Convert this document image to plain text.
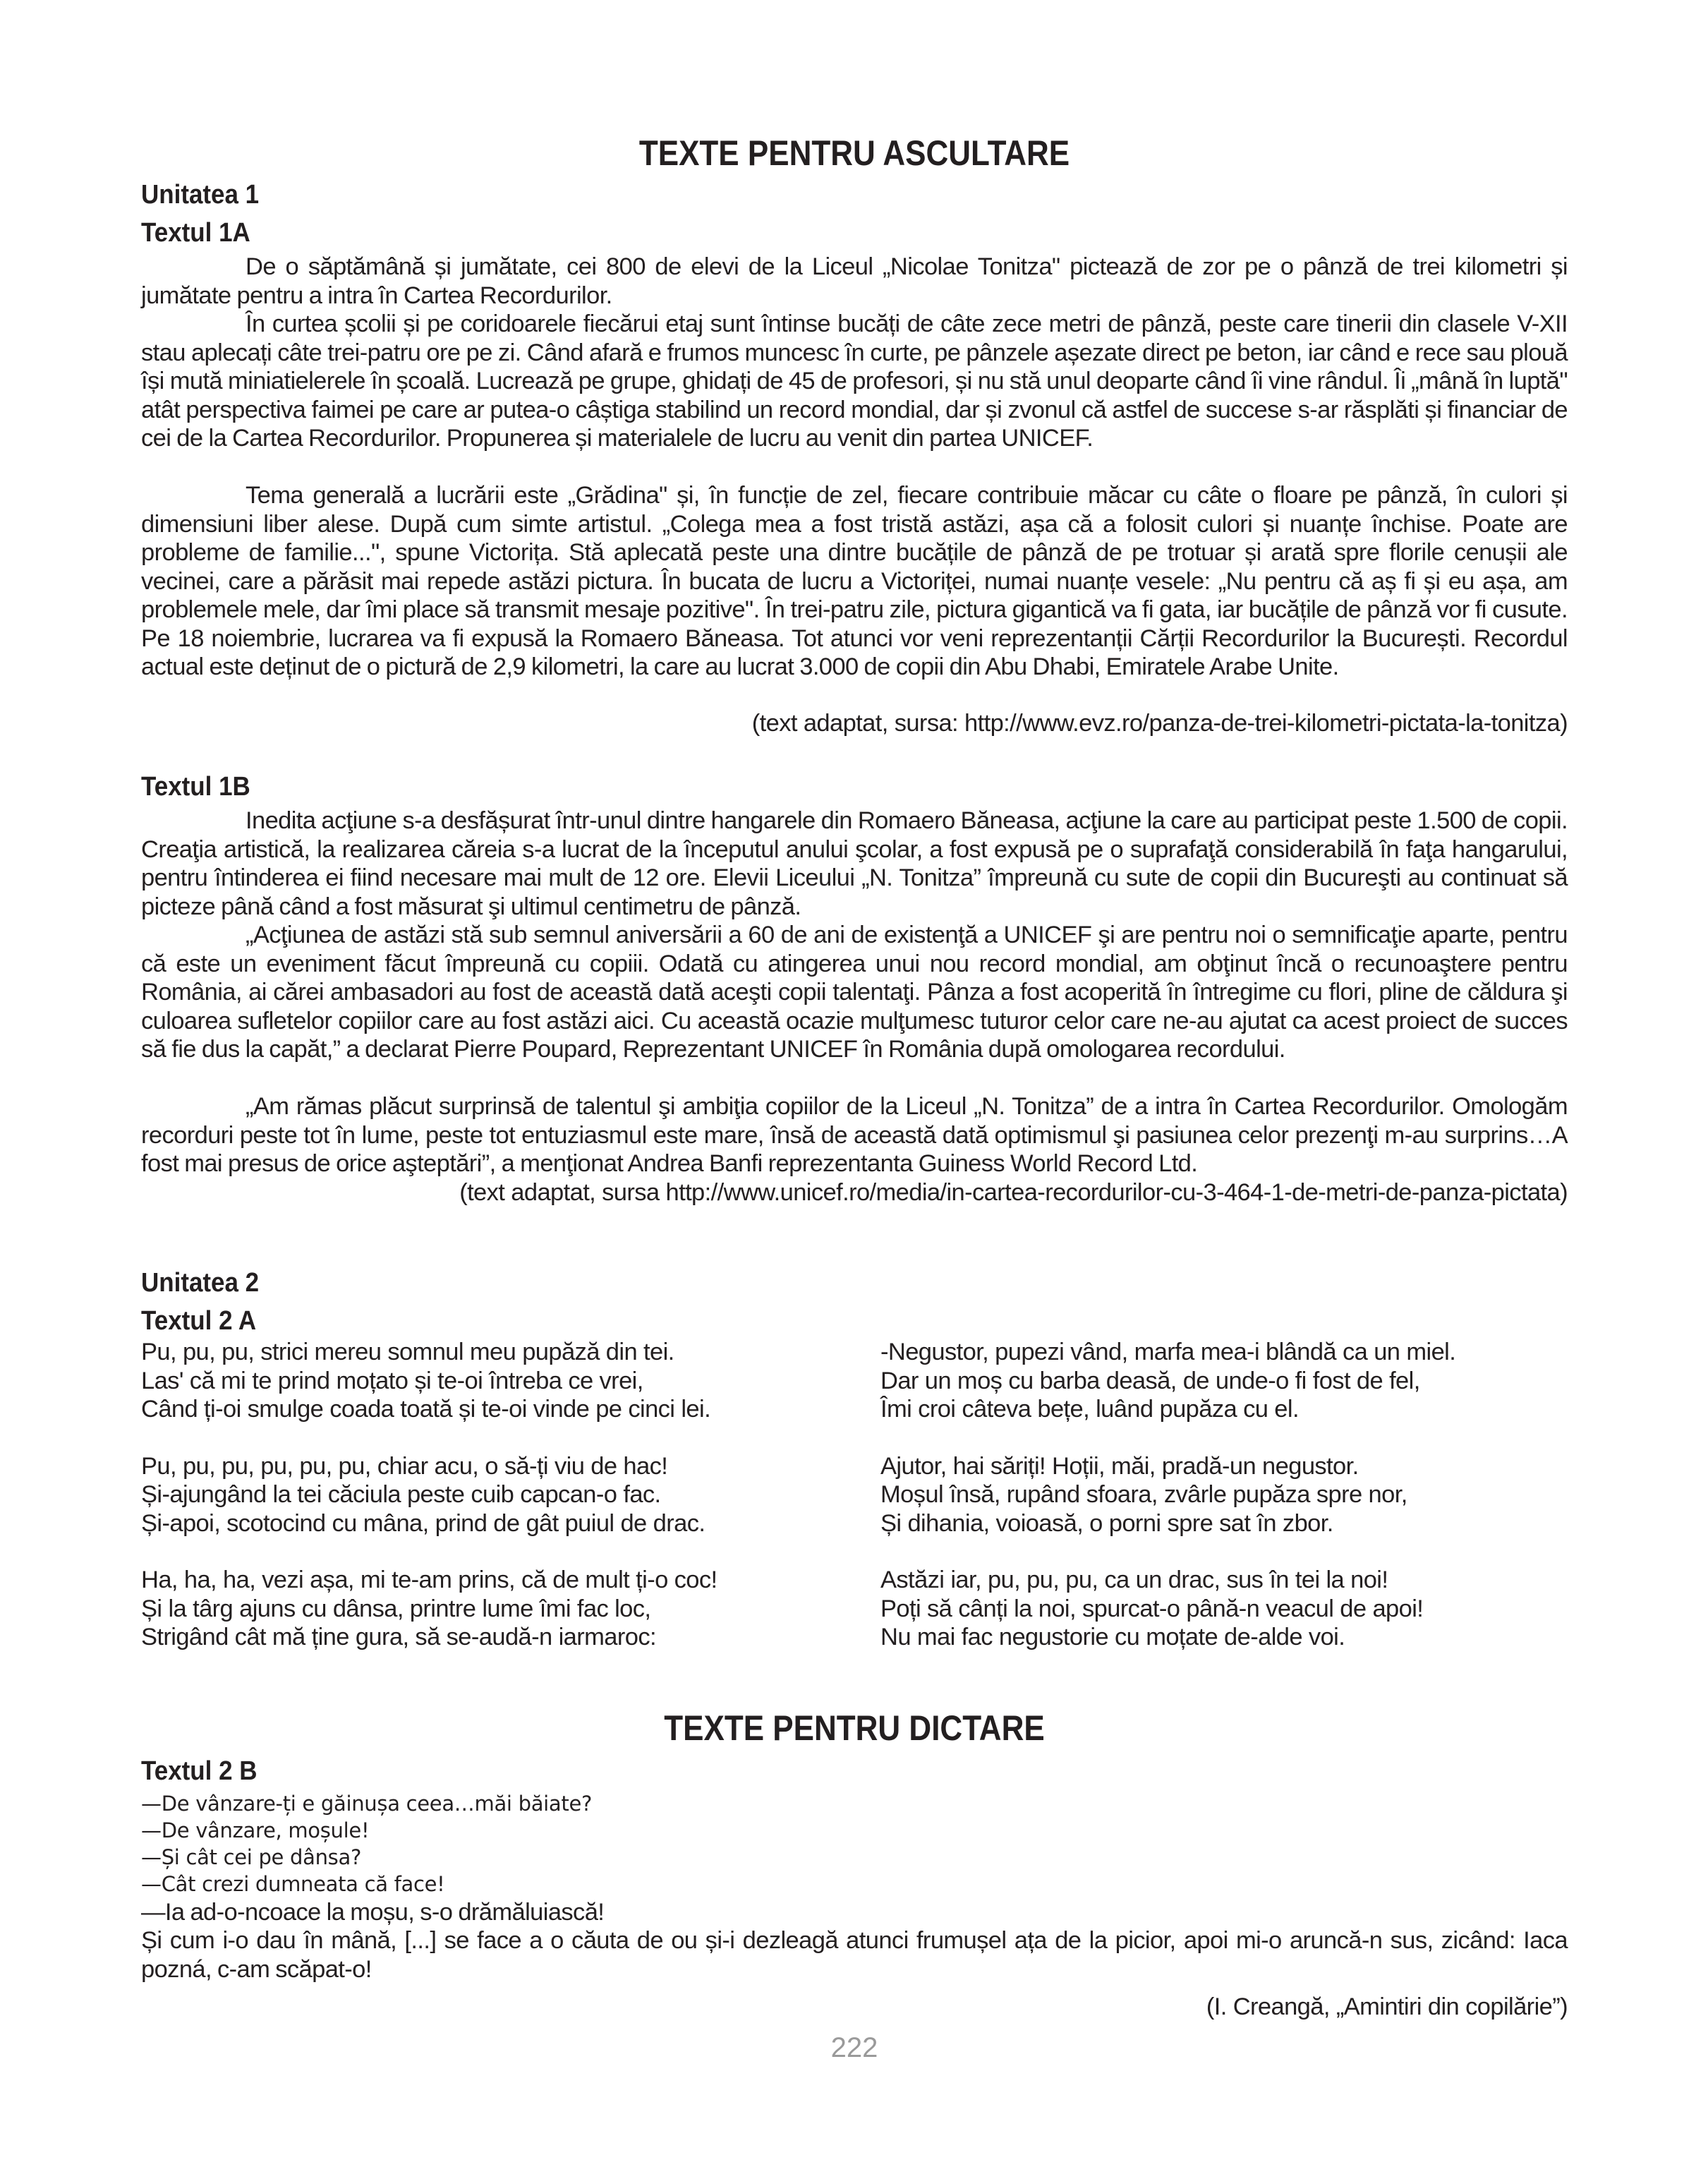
TEXTE PENTRU ASCULTARE
Unitatea 1
Textul 1A

De o săptămână și jumătate, cei 800 de elevi de la Liceul „Nicolae Tonitza" pictează de zor pe o pânză de trei kilometri și jumătate pentru a intra în Cartea Recordurilor.

În curtea școlii și pe coridoarele fiecărui etaj sunt întinse bucăți de câte zece metri de pânză, peste care tinerii din clasele V-XII stau aplecați câte trei-patru ore pe zi. Când afară e frumos muncesc în curte, pe pânzele așezate direct pe beton, iar când e rece sau plouă își mută miniatielerele în școală. Lucrează pe grupe, ghidați de 45 de profesori, și nu stă unul deoparte când îi vine rândul. Îi „mână în luptă" atât perspectiva faimei pe care ar putea-o câștiga stabilind un record mondial, dar și zvonul că astfel de succese s-ar răsplăti și financiar de cei de la Cartea Recordurilor. Propunerea și materialele de lucru au venit din partea UNICEF.

Tema generală a lucrării este „Grădina" și, în funcție de zel, fiecare contribuie măcar cu câte o floare pe pânză, în culori și dimensiuni liber alese. După cum simte artistul. „Colega mea a fost tristă astăzi, așa că a folosit culori și nuanțe închise. Poate are probleme de familie...", spune Victorița. Stă aplecată peste una dintre bucățile de pânză de pe trotuar și arată spre florile cenușii ale vecinei, care a părăsit mai repede astăzi pictura. În bucata de lucru a Victoriței, numai nuanțe vesele: „Nu pentru că aș fi și eu așa, am problemele mele, dar îmi place să transmit mesaje pozitive". În trei-patru zile, pictura gigantică va fi gata, iar bucățile de pânză vor fi cusute. Pe 18 noiembrie, lucrarea va fi expusă la Romaero Băneasa. Tot atunci vor veni reprezentanții Cărții Recordurilor la București. Recordul actual este deținut de o pictură de 2,9 kilometri, la care au lucrat 3.000 de copii din Abu Dhabi, Emiratele Arabe Unite.

(text adaptat, sursa: http://www.evz.ro/panza-de-trei-kilometri-pictata-la-tonitza)
Textul 1B

Inedita acţiune s-a desfășurat într-unul dintre hangarele din Romaero Băneasa, acţiune la care au participat peste 1.500 de copii. Creaţia artistică, la realizarea căreia s-a lucrat de la începutul anului şcolar, a fost expusă pe o suprafaţă considerabilă în faţa hangarului, pentru întinderea ei fiind necesare mai mult de 12 ore. Elevii Liceului „N. Tonitza” împreună cu sute de copii din Bucureşti au continuat să picteze până când a fost măsurat şi ultimul centimetru de pânză.

„Acţiunea de astăzi stă sub semnul aniversării a 60 de ani de existenţă a UNICEF şi are pentru noi o semnificaţie aparte, pentru că este un eveniment făcut împreună cu copiii. Odată cu atingerea unui nou record mondial, am obţinut încă o recunoaştere pentru România, ai cărei ambasadori au fost de această dată aceşti copii talentaţi. Pânza a fost acoperită în întregime cu flori, pline de căldura şi culoarea sufletelor copiilor care au fost astăzi aici. Cu această ocazie mulţumesc tuturor celor care ne-au ajutat ca acest proiect de succes să fie dus la capăt,” a declarat Pierre Poupard, Reprezentant UNICEF în România după omologarea recordului.

„Am rămas plăcut surprinsă de talentul şi ambiţia copiilor de la Liceul „N. Tonitza” de a intra în Cartea Recordurilor. Omologăm recorduri peste tot în lume, peste tot entuziasmul este mare, însă de această dată optimismul şi pasiunea celor prezenţi m-au surprins…A fost mai presus de orice aşteptări”, a menţionat Andrea Banfi reprezentanta Guiness World Record Ltd.

(text adaptat, sursa http://www.unicef.ro/media/in-cartea-recordurilor-cu-3-464-1-de-metri-de-panza-pictata)
Unitatea 2
Textul 2 A
Pu, pu, pu, strici mereu somnul meu pupăză din tei.
Las' că mi te prind moțato și te-oi întreba ce vrei,
Când ți-oi smulge coada toată și te-oi vinde pe cinci lei.
Pu, pu, pu, pu, pu, pu, chiar acu, o să-ți viu de hac!
Și-ajungând la tei căciula peste cuib capcan-o fac.
Și-apoi, scotocind cu mâna, prind de gât puiul de drac.
Ha, ha, ha, vezi așa, mi te-am prins, că de mult ți-o coc!
Și la târg ajuns cu dânsa, printre lume îmi fac loc,
Strigând cât mă ține gura, să se-audă-n iarmaroc:
-Negustor, pupezi vând, marfa mea-i blândă ca un miel.
Dar un moș cu barba deasă, de unde-o fi fost de fel,
Îmi croi câteva bețe, luând pupăza cu el.
Ajutor, hai săriți! Hoții, măi, pradă-un negustor.
Moșul însă, rupând sfoara, zvârle pupăza spre nor,
Și dihania, voioasă, o porni spre sat în zbor.
Astăzi iar, pu, pu, pu, ca un drac, sus în tei la noi!
Poți să cânți la noi, spurcat-o până-n veacul de apoi!
Nu mai fac negustorie cu moțate de-alde voi.
TEXTE PENTRU DICTARE
Textul 2 B
—De vânzare-ți e găinușa ceea…măi băiate?
—De vânzare, moșule!
—Și cât cei pe dânsa?
—Cât crezi dumneata că face!
—Ia ad-o-ncoace la moșu, s-o drămăluiască!

Și cum i-o dau în mână, [...] se face a o căuta de ou și-i dezleagă atunci frumușel ața de la picior, apoi mi-o aruncă-n sus, zicând: Iaca pozná, c-am scăpat-o!

(I. Creangă, „Amintiri din copilărie”)
222
